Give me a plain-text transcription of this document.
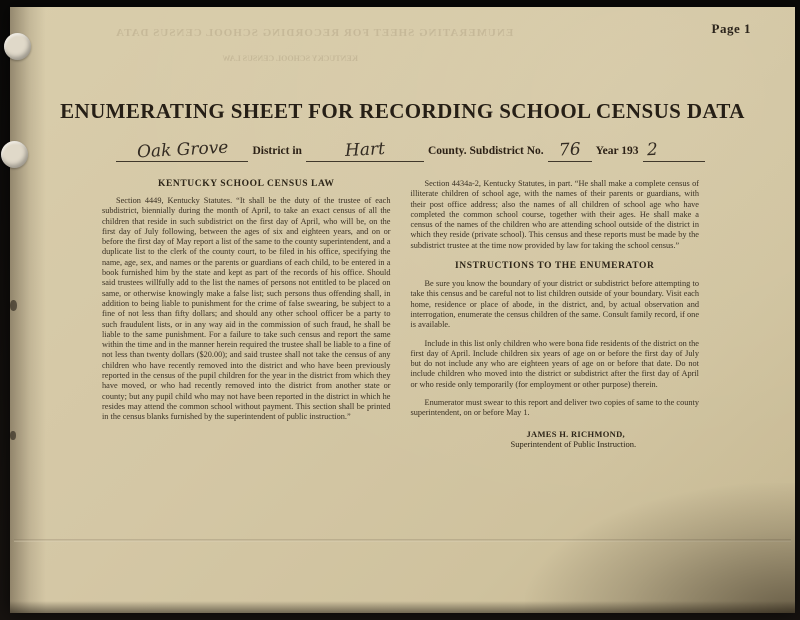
Page 1
ENUMERATING SHEET FOR RECORDING SCHOOL CENSUS DATA
KENTUCKY SCHOOL CENSUS LAW
ENUMERATING SHEET FOR RECORDING SCHOOL CENSUS DATA
Oak Grove	District in	Hart	County. Subdistrict No. 76	Year 193 2
KENTUCKY SCHOOL CENSUS LAW

Section 4449, Kentucky Statutes. “It shall be the duty of the trustee of each subdistrict, biennially during the month of April, to take an exact census of all the children that reside in such subdistrict on the first day of April, who will be, on the first day of July following, between the ages of six and eighteen years, and on or before the first day of May report a list of the same to the county superintendent, and a duplicate list to the clerk of the county court, to be filed in his office, specifying the name, age, sex, and names or the parents or guardians of each child, to be entered in a book furnished him by the state and kept as part of the records of his office. Should said trustees willfully add to the list the names of persons not entitled to be placed on same, or otherwise knowingly make a false list; such persons thus offending shall, in addition to being liable to punishment for the crime of false swearing, be subject to a fine of not less than fifty dollars; and should any other school officer be a party to such fraudulent lists, or in any way aid in the commission of such fraud, he shall be liable to the same punishment. For a failure to take such census and report the same within the time and in the manner herein required the trustee shall be liable to a fine of not less than twenty dollars ($20.00); and said trustee shall not take the census of any children who have recently removed into the district and who have been previously reported in the census of the pupil children for the year in the district from which they have moved, or who had recently removed into the district from another state or county; but any pupil child who may not have been reported in the district in which he resides may attend the common school without payment. This section shall be printed in the census blanks furnished by the superintendent of public instruction.”

Section 4434a-2, Kentucky Statutes, in part. “He shall make a complete census of illiterate children of school age, with the names of their parents or guardians, with their post office address; also the names of all children of school age who have completed the common school course, together with their ages. He shall make a census of the names of the children who are attending school outside of the district in which they reside (private school). This census and these reports must be made by the subdistrict trustee at the time now provided by law for taking the school census.”

INSTRUCTIONS TO THE ENUMERATOR

Be sure you know the boundary of your district or subdistrict before attempting to take this census and be careful not to list children outside of your boundary. Visit each home, residence or place of abode, in the district, and, by actual observation and interrogation, enumerate the census children of the same. Consult family record, if one is available.

Include in this list only children who were bona fide residents of the district on the first day of April. Include children six years of age on or before the first day of July but do not include any who are eighteen years of age on or before that date. Do not include children who moved into the district or subdistrict after the first day of April or who reside only temporarily (for employment or other purpose) therein.

Enumerator must swear to this report and deliver two copies of same to the county superintendent, on or before May 1.

JAMES H. RICHMOND,
Superintendent of Public Instruction.
